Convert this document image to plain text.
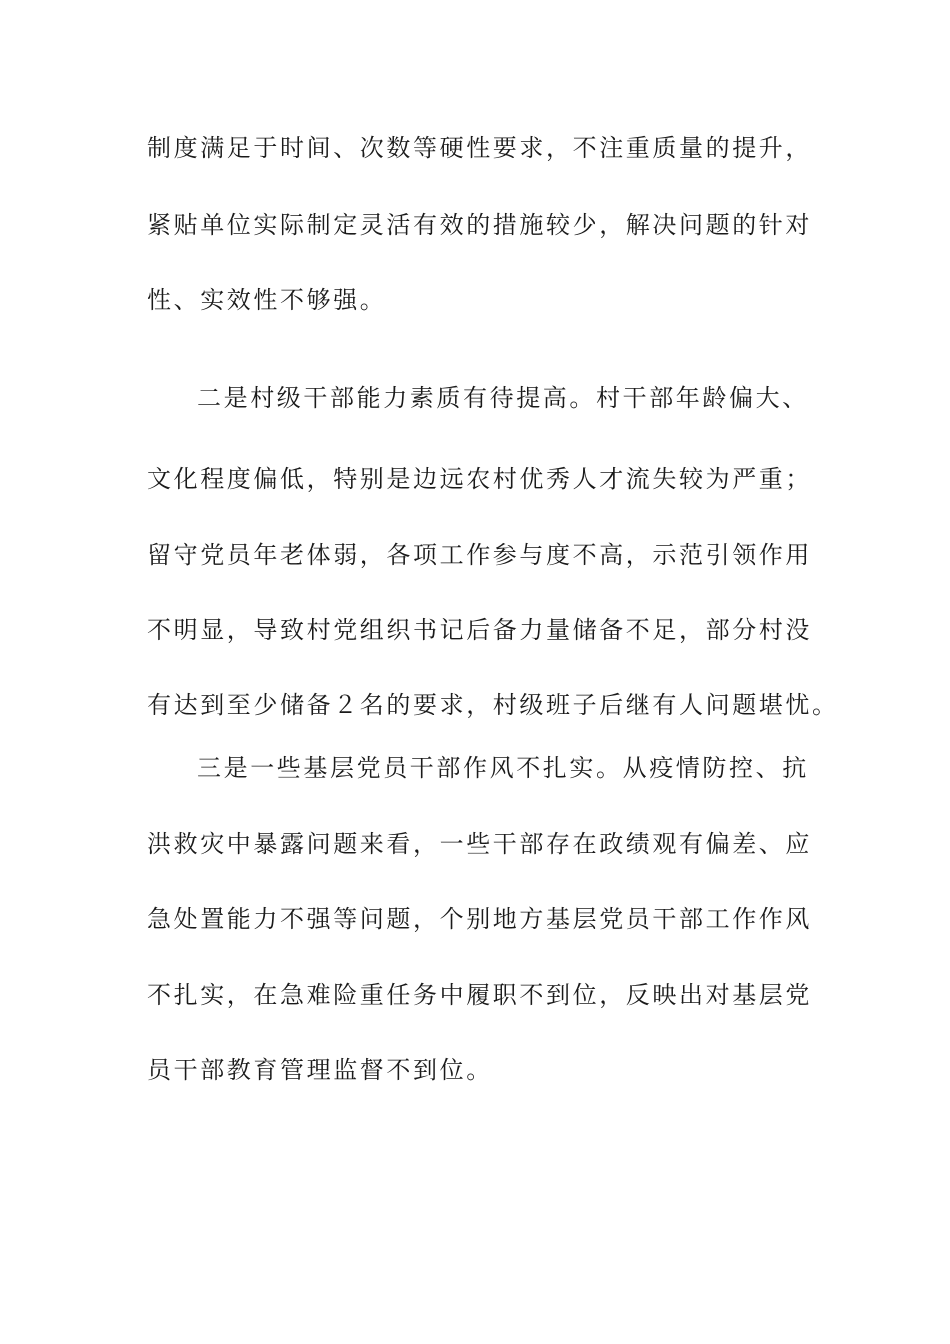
制度满足于时间、次数等硬性要求，不注重质量的提升，
紧贴单位实际制定灵活有效的措施较少，解决问题的针对
性、实效性不够强。
二是村级干部能力素质有待提高。村干部年龄偏大、
文化程度偏低，特别是边远农村优秀人才流失较为严重；
留守党员年老体弱，各项工作参与度不高，示范引领作用
不明显，导致村党组织书记后备力量储备不足，部分村没
有达到至少储备２名的要求，村级班子后继有人问题堪忧。
三是一些基层党员干部作风不扎实。从疫情防控、抗
洪救灾中暴露问题来看，一些干部存在政绩观有偏差、应
急处置能力不强等问题，个别地方基层党员干部工作作风
不扎实，在急难险重任务中履职不到位，反映出对基层党
员干部教育管理监督不到位。
